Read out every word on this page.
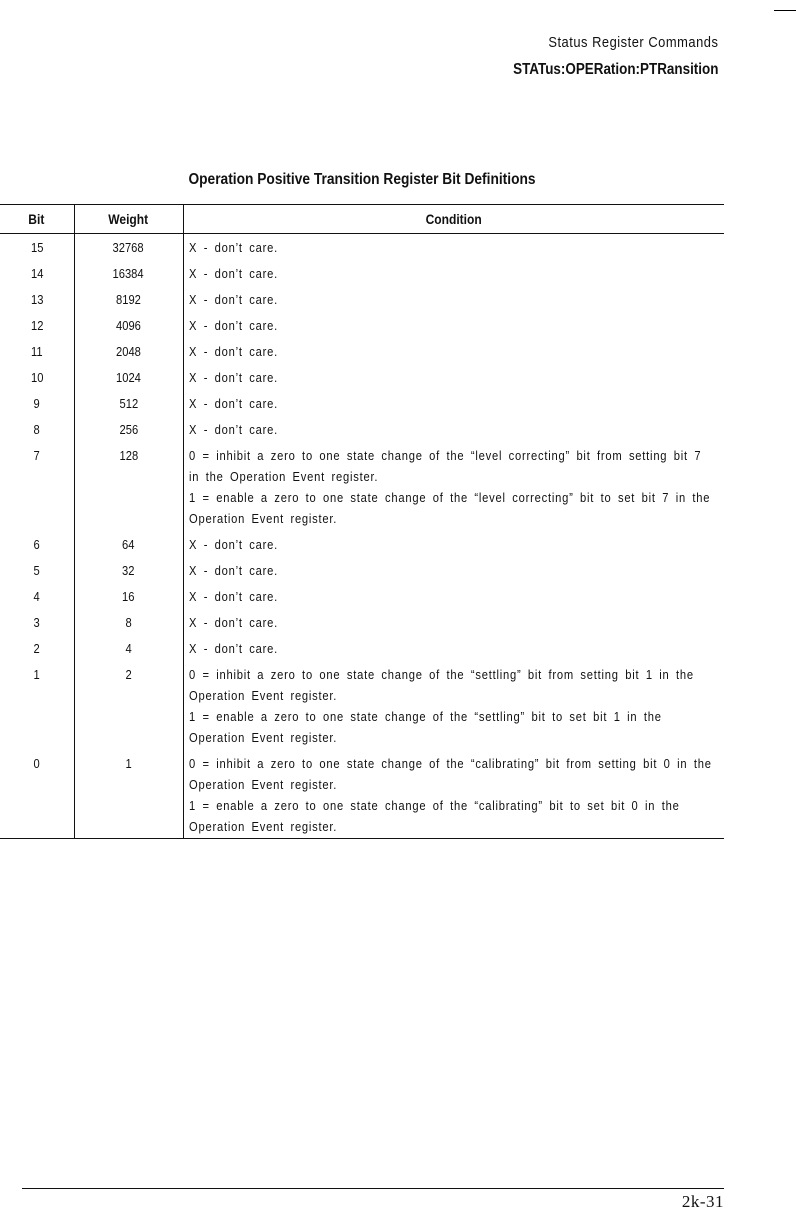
Status Register Commands
STATus:OPERation:PTRansition
Operation Positive Transition Register Bit Definitions
Bit	Weight	Condition
15	32768	X - don’t care.

14	16384	X - don’t care.

13	8192	X - don’t care.

12	4096	X - don’t care.

11	2048	X - don’t care.

10	1024	X - don’t care.

9	512	X - don’t care.

8	256	X - don’t care.

7	128	0 = inhibit a zero to one state change of the “level correcting” bit from setting bit 7
in the Operation Event register.
1 = enable a zero to one state change of the “level correcting” bit to set bit 7 in the
Operation Event register.

6	64	X - don’t care.

5	32	X - don’t care.

4	16	X - don’t care.

3	8	X - don’t care.

2	4	X - don’t care.

1	2	0 = inhibit a zero to one state change of the “settling” bit from setting bit 1 in the
Operation Event register.
1 = enable a zero to one state change of the “settling” bit to set bit 1 in the
Operation Event register.

0	1	0 = inhibit a zero to one state change of the “calibrating” bit from setting bit 0 in the
Operation Event register.
1 = enable a zero to one state change of the “calibrating” bit to set bit 0 in the
Operation Event register.
2k-31
